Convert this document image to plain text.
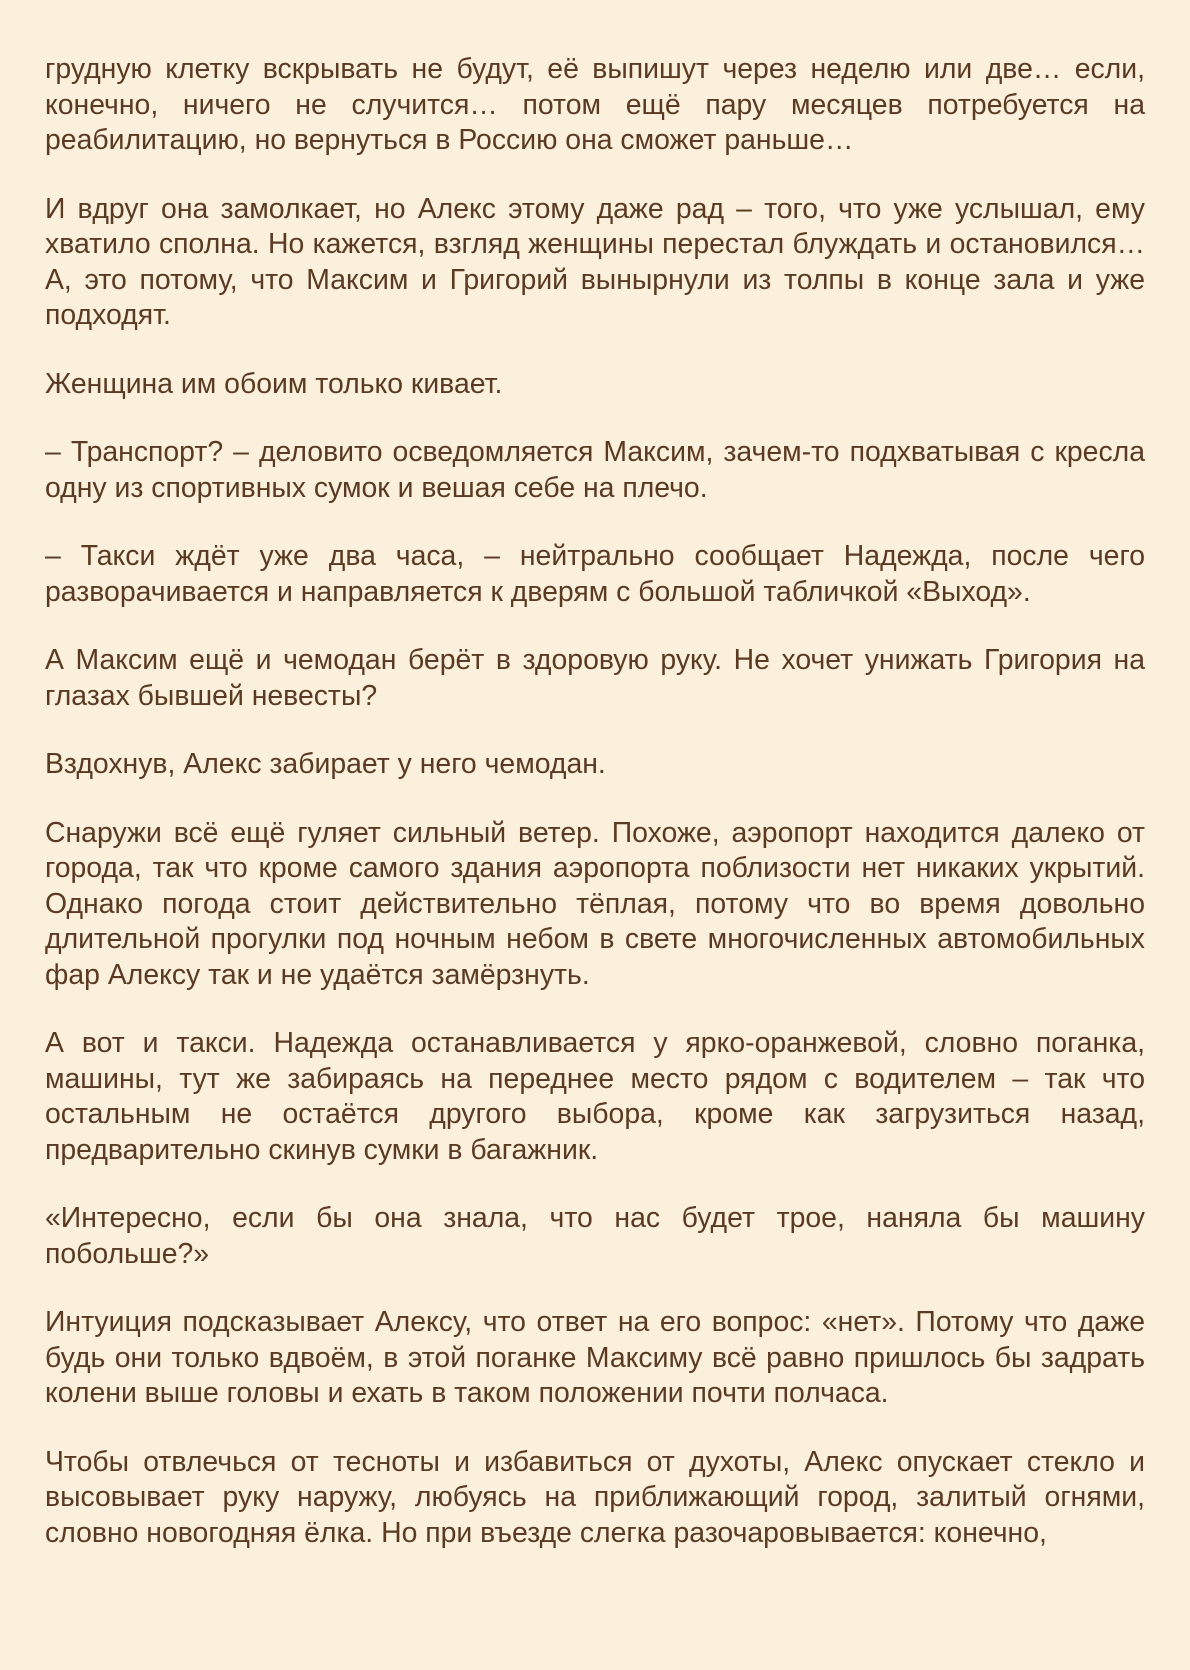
грудную клетку вскрывать не будут, её выпишут через неделю или две… если, конечно, ничего не случится… потом ещё пару месяцев потребуется на реабилитацию, но вернуться в Россию она сможет раньше…

И вдруг она замолкает, но Алекс этому даже рад – того, что уже услышал, ему хватило сполна. Но кажется, взгляд женщины перестал блуждать и остановился… А, это потому, что Максим и Григорий вынырнули из толпы в конце зала и уже подходят.

Женщина им обоим только кивает.

– Транспорт? – деловито осведомляется Максим, зачем-то подхватывая с кресла одну из спортивных сумок и вешая себе на плечо.

– Такси ждёт уже два часа, – нейтрально сообщает Надежда, после чего разворачивается и направляется к дверям с большой табличкой «Выход».

А Максим ещё и чемодан берёт в здоровую руку. Не хочет унижать Григория на глазах бывшей невесты?

Вздохнув, Алекс забирает у него чемодан.

Снаружи всё ещё гуляет сильный ветер. Похоже, аэропорт находится далеко от города, так что кроме самого здания аэропорта поблизости нет никаких укрытий. Однако погода стоит действительно тёплая, потому что во время довольно длительной прогулки под ночным небом в свете многочисленных автомобильных фар Алексу так и не удаётся замёрзнуть.

А вот и такси. Надежда останавливается у ярко-оранжевой, словно поганка, машины, тут же забираясь на переднее место рядом с водителем – так что остальным не остаётся другого выбора, кроме как загрузиться назад, предварительно скинув сумки в багажник.

«Интересно, если бы она знала, что нас будет трое, наняла бы машину побольше?»

Интуиция подсказывает Алексу, что ответ на его вопрос: «нет». Потому что даже будь они только вдвоём, в этой поганке Максиму всё равно пришлось бы задрать колени выше головы и ехать в таком положении почти полчаса.

Чтобы отвлечься от тесноты и избавиться от духоты, Алекс опускает стекло и высовывает руку наружу, любуясь на приближающий город, залитый огнями, словно новогодняя ёлка. Но при въезде слегка разочаровывается: конечно,
